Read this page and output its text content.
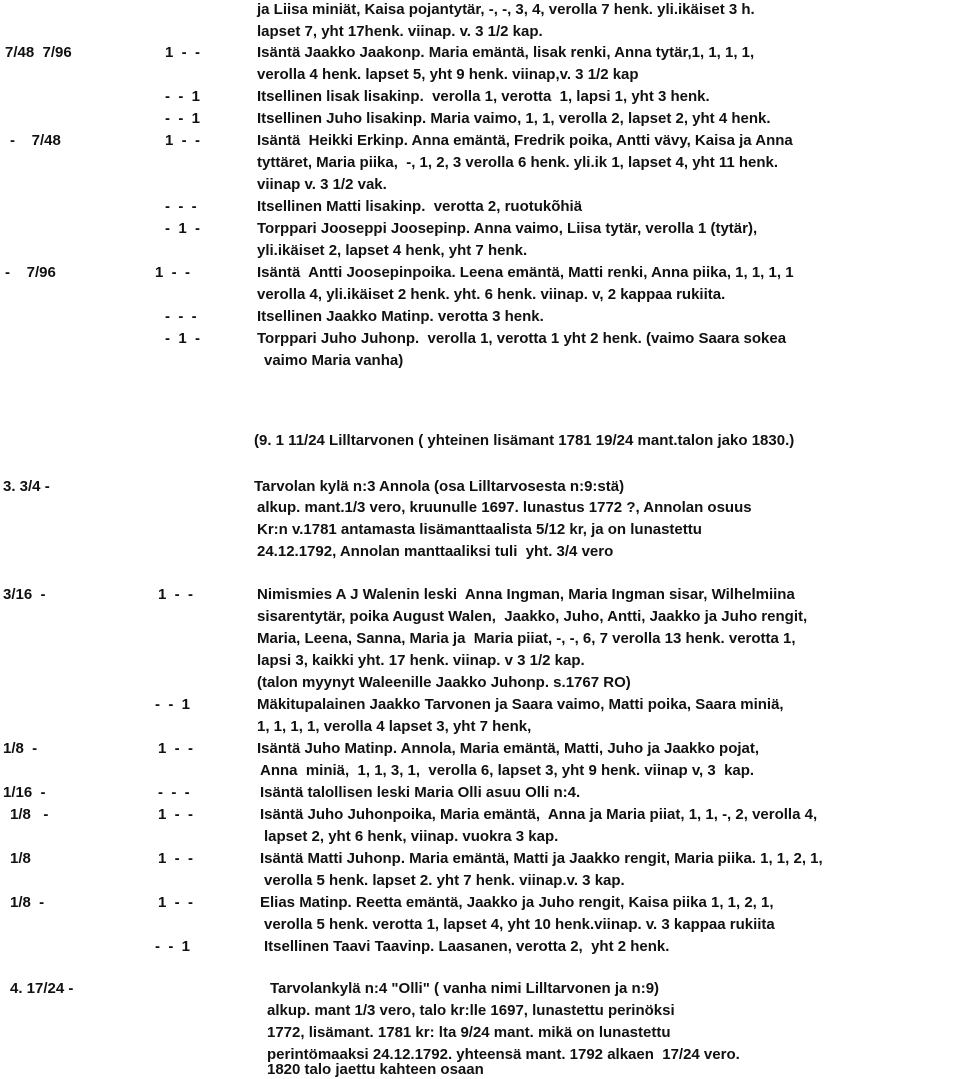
ja Liisa miniät, Kaisa pojantytär, -, -, 3, 4, verolla 7 henk. yli.ikäiset 3 h.
lapset 7, yht 17henk. viinap. v. 3 1/2 kap.
7/48  7/96	1  -  -	Isäntä Jaakko Jaakonp. Maria emäntä, lisak renki, Anna tytär,1, 1, 1, 1,
verolla 4 henk. lapset 5, yht 9 henk. viinap,v. 3 1/2 kap
-  -  1	Itsellinen lisak lisakinp.  verolla 1, verotta  1, lapsi 1, yht 3 henk.
-  -  1	Itsellinen Juho lisakinp. Maria vaimo, 1, 1, verolla 2, lapset 2, yht 4 henk.
-    7/48	1  -  -	Isäntä  Heikki Erkinp. Anna emäntä, Fredrik poika, Antti vävy, Kaisa ja Anna
tyttäret, Maria piika,  -, 1, 2, 3 verolla 6 henk. yli.ik 1, lapset 4, yht 11 henk.
viinap v. 3 1/2 vak.
-  -  -	Itsellinen Matti lisakinp.  verotta 2, ruotukõhiä
-  1  -	Torppari Jooseppi Joosepinp. Anna vaimo, Liisa tytär, verolla 1 (tytär),
yli.ikäiset 2, lapset 4 henk, yht 7 henk.
-    7/96	1  -  -	Isäntä  Antti Joosepinpoika. Leena emäntä, Matti renki, Anna piika, 1, 1, 1, 1
verolla 4, yli.ikäiset 2 henk. yht. 6 henk. viinap. v, 2 kappaa rukiita.
-  -  -	Itsellinen Jaakko Matinp. verotta 3 henk.
-  1  -	Torppari Juho Juhonp.  verolla 1, verotta 1 yht 2 henk. (vaimo Saara sokea
vaimo Maria vanha)
(9. 1 11/24 Lilltarvonen ( yhteinen lisämant 1781 19/24 mant.talon jako 1830.)
3. 3/4 -	Tarvolan kylä n:3 Annola (osa Lilltarvosesta n:9:stä)
alkup. mant.1/3 vero, kruunulle 1697. lunastus 1772 ?, Annolan osuus
Kr:n v.1781 antamasta lisämanttaalista 5/12 kr, ja on lunastettu
24.12.1792, Annolan manttaaliksi tuli  yht. 3/4 vero
3/16  -	1  -  -	Nimismies A J Walenin leski  Anna Ingman, Maria Ingman sisar, Wilhelmiina
sisarentytär, poika August Walen,  Jaakko, Juho, Antti, Jaakko ja Juho rengit,
Maria, Leena, Sanna, Maria ja  Maria piiat, -, -, 6, 7 verolla 13 henk. verotta 1,
lapsi 3, kaikki yht. 17 henk. viinap. v 3 1/2 kap.
(talon myynyt Waleenille Jaakko Juhonp. s.1767 RO)
-  -  1	Mäkitupalainen Jaakko Tarvonen ja Saara vaimo, Matti poika, Saara miniä,
1, 1, 1, 1, verolla 4 lapset 3, yht 7 henk,
1/8  -	1  -  -	Isäntä Juho Matinp. Annola, Maria emäntä, Matti, Juho ja Jaakko pojat,
Anna  miniä,  1, 1, 3, 1,  verolla 6, lapset 3, yht 9 henk. viinap v, 3  kap.
1/16  -	-  -  -	Isäntä talollisen leski Maria Olli asuu Olli n:4.
1/8   -	1  -  -	Isäntä Juho Juhonpoika, Maria emäntä,  Anna ja Maria piiat, 1, 1, -, 2, verolla 4,
lapset 2, yht 6 henk, viinap. vuokra 3 kap.
1/8	1  -  -	Isäntä Matti Juhonp. Maria emäntä, Matti ja Jaakko rengit, Maria piika. 1, 1, 2, 1,
verolla 5 henk. lapset 2. yht 7 henk. viinap.v. 3 kap.
1/8  -	1  -  -	Elias Matinp. Reetta emäntä, Jaakko ja Juho rengit, Kaisa piika 1, 1, 2, 1,
verolla 5 henk. verotta 1, lapset 4, yht 10 henk.viinap. v. 3 kappaa rukiita
-  -  1	Itsellinen Taavi Taavinp. Laasanen, verotta 2,  yht 2 henk.
4. 17/24 -	Tarvolankylä n:4 "Olli" ( vanha nimi Lilltarvonen ja n:9)
alkup. mant 1/3 vero, talo kr:lle 1697, lunastettu perinöksi
1772, lisämant. 1781 kr: lta 9/24 mant. mikä on lunastettu
perintömaaksi 24.12.1792. yhteensä mant. 1792 alkaen  17/24 vero.
1820 talo jaettu kahteen osaan
